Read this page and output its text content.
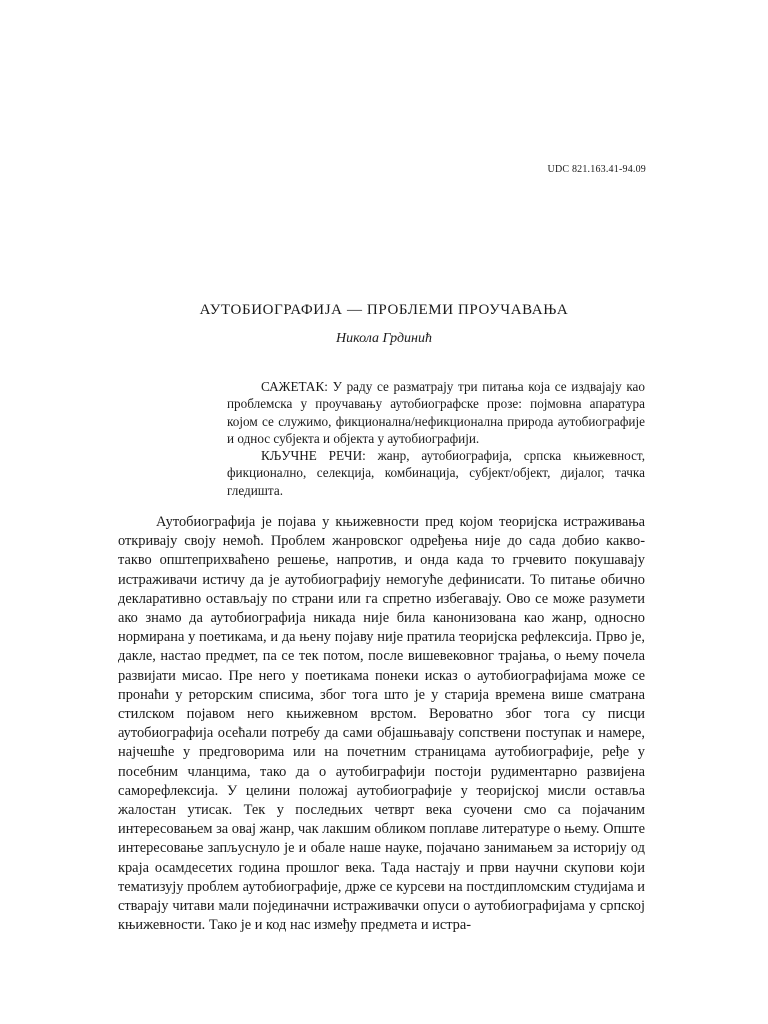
UDC 821.163.41-94.09
АУТОБИОГРАФИЈА — ПРОБЛЕМИ ПРОУЧАВАЊА
Никола Грдинић

САЖЕТАК: У раду се разматрају три питања која се издвајају као проблемска у проучавању аутобиографске прозе: појмовна апаратура којом се служимо, фикционална/нефикционална природа аутобиографије и однос субјекта и објекта у аутобиографији.

КЉУЧНЕ РЕЧИ: жанр, аутобиографија, српска књижевност, фикционално, селекција, комбинација, субјект/објект, дијалог, тачка гледишта.

Аутобиографија је појава у књижевности пред којом теоријска истраживања откривају своју немоћ. Проблем жанровског одређења није до сада добио какво-такво општеприхваћено решење, напротив, и онда када то грчевито покушавају истраживачи истичу да је аутобиографију немогуће дефинисати. То питање обично декларативно остављају по страни или га спретно избегавају. Ово се може разумети ако знамо да аутобиографија никада није била канонизована као жанр, односно нормирана у поетикама, и да њену појаву није пратила теоријска рефлексија. Прво је, дакле, настао предмет, па се тек потом, после вишевековног трајања, о њему почела развијати мисао. Пре него у поетикама понеки исказ о аутобиографијама може се пронаћи у реторским списима, због тога што је у старија времена више сматрана стилском појавом него књижевном врстом. Вероватно због тога су писци аутобиографија осећали потребу да сами објашњавају сопствени поступак и намере, најчешће у предговорима или на почетним страницама аутобиографије, ређе у посебним чланцима, тако да о аутобиграфији постоји рудиментарно развијена саморефлексија. У целини положај аутобиографије у теоријској мисли оставља жалостан утисак. Тек у последњих четврт века суочени смо са појачаним интересовањем за овај жанр, чак лакшим обликом поплаве литературе о њему. Опште интересовање запљуснуло је и обале наше науке, појачано занимањем за историју од краја осамдесетих година прошлог века. Тада настају и први научни скупови који тематизују проблем аутобиографије, држе се курсеви на постдипломским студијама и стварају читави мали појединачни истраживачки опуси о аутобиографијама у српској књижевности. Тако је и код нас између предмета и истра-
